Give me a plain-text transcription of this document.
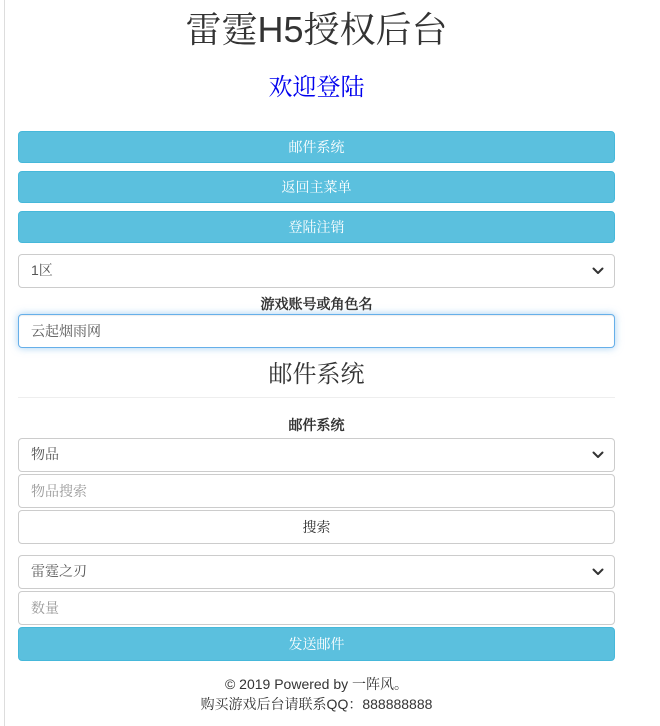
雷霆H5授权后台
欢迎登陆
邮件系统
返回主菜单
登陆注销
1区
游戏账号或角色名
云起烟雨网
邮件系统
邮件系统
物品
物品搜索
搜索
雷霆之刃
数量
发送邮件
© 2019 Powered by 一阵风。
购买游戏后台请联系QQ：888888888
